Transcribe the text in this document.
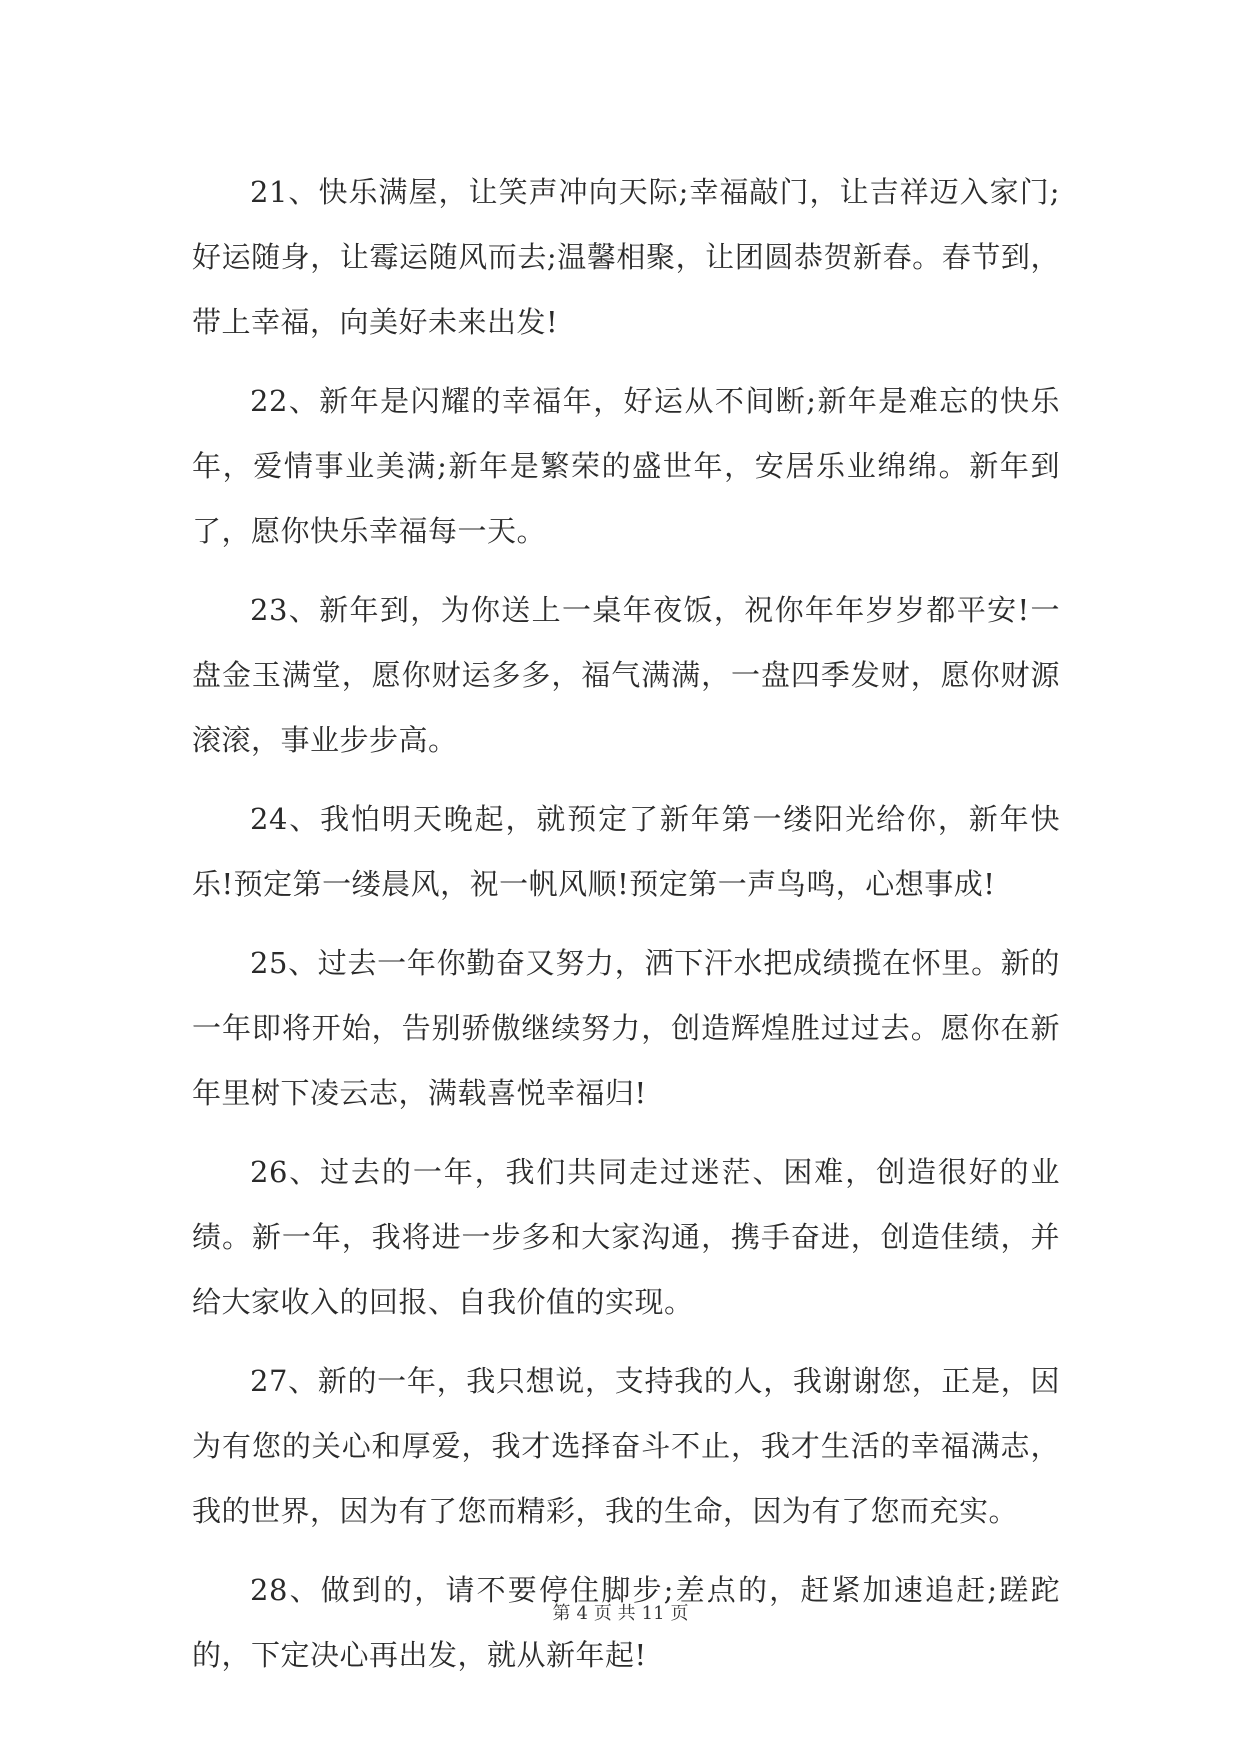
21、快乐满屋，让笑声冲向天际;幸福敲门，让吉祥迈入家门;好运随身，让霉运随风而去;温馨相聚，让团圆恭贺新春。春节到，带上幸福，向美好未来出发!

22、新年是闪耀的幸福年，好运从不间断;新年是难忘的快乐年，爱情事业美满;新年是繁荣的盛世年，安居乐业绵绵。新年到了，愿你快乐幸福每一天。

23、新年到，为你送上一桌年夜饭，祝你年年岁岁都平安!一盘金玉满堂，愿你财运多多，福气满满，一盘四季发财，愿你财源滚滚，事业步步高。

24、我怕明天晚起，就预定了新年第一缕阳光给你，新年快乐!预定第一缕晨风，祝一帆风顺!预定第一声鸟鸣，心想事成!

25、过去一年你勤奋又努力，洒下汗水把成绩揽在怀里。新的一年即将开始，告别骄傲继续努力，创造辉煌胜过过去。愿你在新年里树下凌云志，满载喜悦幸福归!

26、过去的一年，我们共同走过迷茫、困难，创造很好的业绩。新一年，我将进一步多和大家沟通，携手奋进，创造佳绩，并给大家收入的回报、自我价值的实现。

27、新的一年，我只想说，支持我的人，我谢谢您，正是，因为有您的关心和厚爱，我才选择奋斗不止，我才生活的幸福满志，我的世界，因为有了您而精彩，我的生命，因为有了您而充实。

28、做到的，请不要停住脚步;差点的，赶紧加速追赶;蹉跎的，下定决心再出发，就从新年起!

第 4 页 共 11 页
